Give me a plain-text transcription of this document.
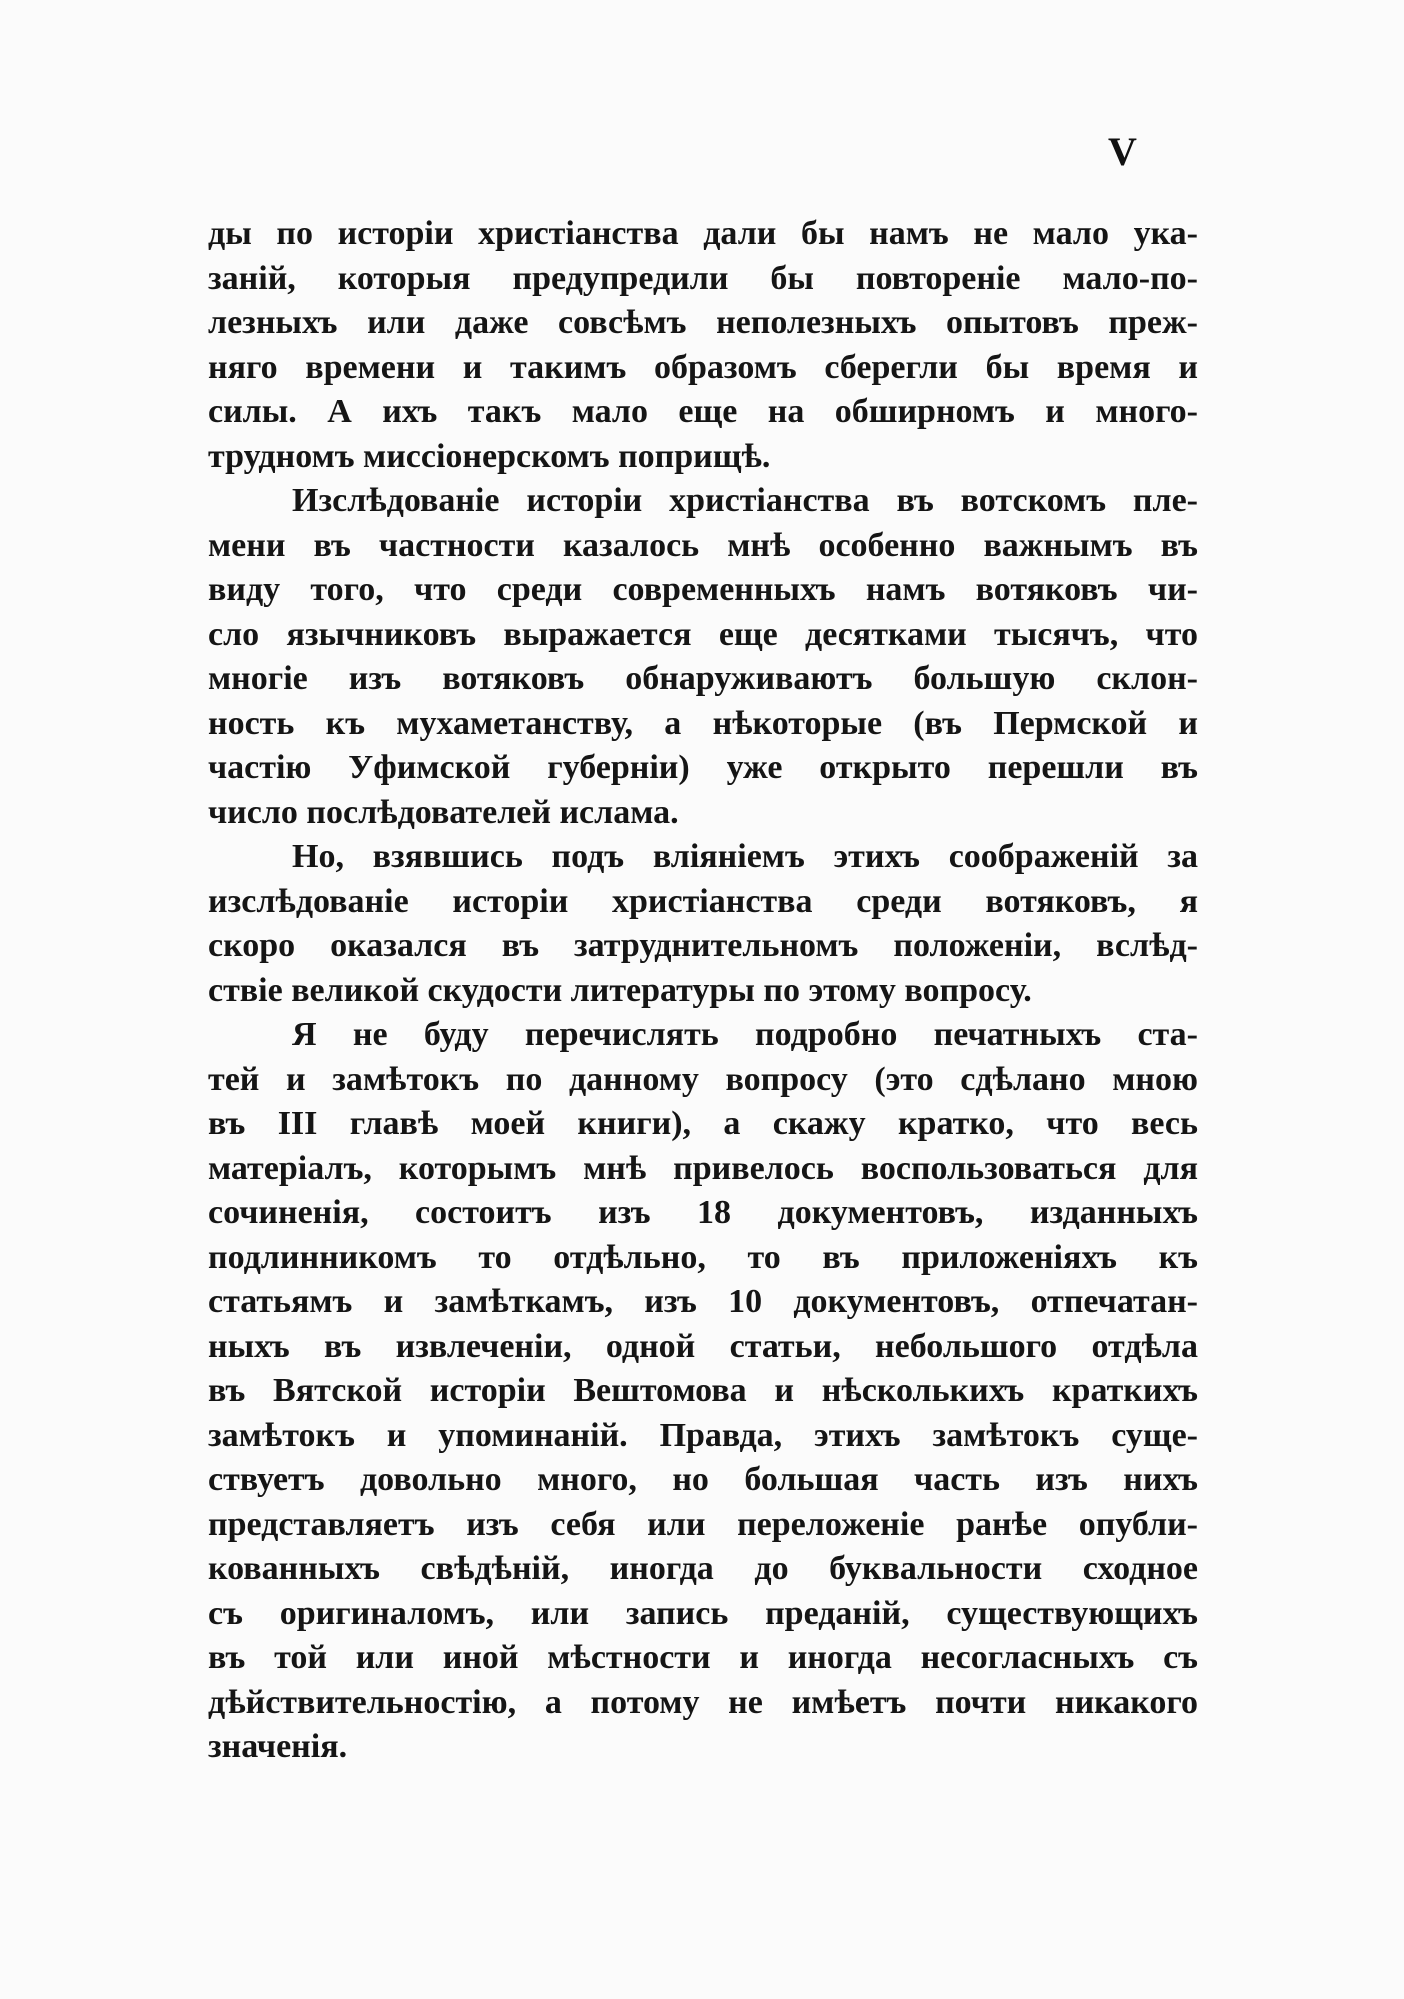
V
ды по исторіи христіанства дали бы намъ не мало ука-
заній, которыя предупредили бы повтореніе мало-по-
лезныхъ или даже совсѣмъ неполезныхъ опытовъ преж-
няго времени и такимъ образомъ сберегли бы время и
силы. А ихъ такъ мало еще на обширномъ и много-
трудномъ миссіонерскомъ поприщѣ.
Изслѣдованіе исторіи христіанства въ вотскомъ пле-
мени въ частности казалось мнѣ особенно важнымъ въ
виду того, что среди современныхъ намъ вотяковъ чи-
сло язычниковъ выражается еще десятками тысячъ, что
многіе изъ вотяковъ обнаруживаютъ большую склон-
ность къ мухаметанству, а нѣкоторые (въ Пермской и
частію Уфимской губерніи) уже открыто перешли въ
число послѣдователей ислама.
Но, взявшись подъ вліяніемъ этихъ соображеній за
изслѣдованіе исторіи христіанства среди вотяковъ, я
скоро оказался въ затруднительномъ положеніи, вслѣд-
ствіе великой скудости литературы по этому вопросу.
Я не буду перечислять подробно печатныхъ ста-
тей и замѣтокъ по данному вопросу (это сдѣлано мною
въ III главѣ моей книги), а скажу кратко, что весь
матеріалъ, которымъ мнѣ привелось воспользоваться для
сочиненія, состоитъ изъ 18 документовъ, изданныхъ
подлинникомъ то отдѣльно, то въ приложеніяхъ къ
статьямъ и замѣткамъ, изъ 10 документовъ, отпечатан-
ныхъ въ извлеченіи, одной статьи, небольшого отдѣла
въ Вятской исторіи Вештомова и нѣсколькихъ краткихъ
замѣтокъ и упоминаній. Правда, этихъ замѣтокъ суще-
ствуетъ довольно много, но большая часть изъ нихъ
представляетъ изъ себя или переложеніе ранѣе опубли-
кованныхъ свѣдѣній, иногда до буквальности сходное
съ оригиналомъ, или запись преданій, существующихъ
въ той или иной мѣстности и иногда несогласныхъ съ
дѣйствительностію, а потому не имѣетъ почти никакого
значенія.
